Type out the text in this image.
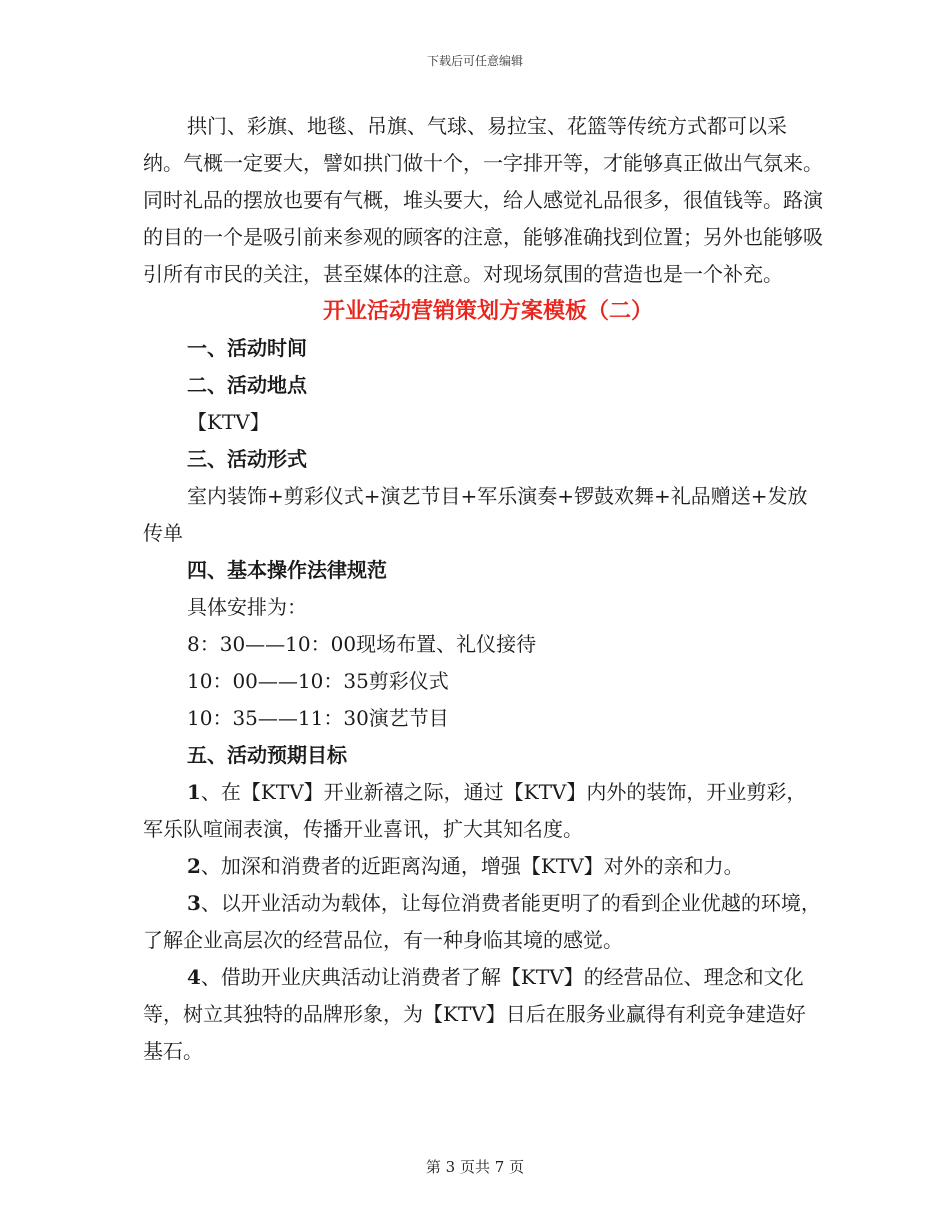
下载后可任意编辑

拱门、彩旗、地毯、吊旗、气球、易拉宝、花篮等传统方式都可以采纳。气概一定要大，譬如拱门做十个，一字排开等，才能够真正做出气氛来。同时礼品的摆放也要有气概，堆头要大，给人感觉礼品很多，很值钱等。路演的目的一个是吸引前来参观的顾客的注意，能够准确找到位置；另外也能够吸引所有市民的关注，甚至媒体的注意。对现场氛围的营造也是一个补充。

开业活动营销策划方案模板（二）

一、活动时间

二、活动地点

【KTV】

三、活动形式

室内装饰+剪彩仪式+演艺节目+军乐演奏+锣鼓欢舞+礼品赠送+发放传单

四、基本操作法律规范

具体安排为：

8：30——10：00现场布置、礼仪接待

10：00——10：35剪彩仪式

10：35——11：30演艺节目

五、活动预期目标

1、在【KTV】开业新禧之际，通过【KTV】内外的装饰，开业剪彩，军乐队喧闹表演，传播开业喜讯，扩大其知名度。

2、加深和消费者的近距离沟通，增强【KTV】对外的亲和力。

3、以开业活动为载体，让每位消费者能更明了的看到企业优越的环境，了解企业高层次的经营品位，有一种身临其境的感觉。

4、借助开业庆典活动让消费者了解【KTV】的经营品位、理念和文化等，树立其独特的品牌形象，为【KTV】日后在服务业赢得有利竞争建造好基石。

第 3 页共 7 页
